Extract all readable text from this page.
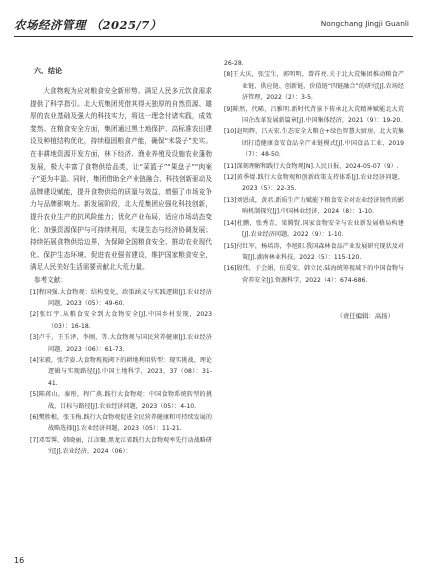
农场经济管理 （2025/7）	Nongchang Jingji Guanli
六、结论

大食物观为应对粮食安全新形势、满足人民多元饮食需求提供了科学指引。北大荒集团凭借其得天独厚的自然资源、雄厚的农业基础及强大的科技实力，将这一理念付诸实践，成效斐然。在粮食安全方面，集团通过黑土地保护、高标准农田建设及种植结构优化，持续稳固粮食产能，确保“米袋子”充实。在非耕地资源开发方面，林下经济、渔业养殖及设施农业蓬勃发展，极大丰富了食物供给品类，让“菜篮子”“果盘子”“肉案子”更为丰盈。同时，集团借助全产业链融合、科技创新驱动及品牌建设赋能，提升食物供给的质量与效益，增强了市场竞争力与品牌影响力。新发展阶段，北大荒集团应强化科技创新，提升农业生产的抗风险能力；优化产业布局，适应市场动态变化；加强资源保护与可持续利用，实现生态与经济协调发展；持续拓展食物供给边界，为保障全国粮食安全、推动农业现代化、保护生态环境、促进农业强省建设，维护国家粮食安全，满足人民美好生活需要贡献北大荒力量。

参考文献：

[1]程国强.大食物观：结构变化、政策涵义与实践逻辑[J].农业经济问题，2023（05）：49-60.

[2]张红宇.从粮食安全到大食物安全[J].中国乡村发现，2023（03）：16-18.

[3]卢千，王玉泽，李刚，等.大食物观与国民营养健康[J].农业经济问题，2023（06）：61-73.

[4]宋毅，张学姿.大食物观视阈下的耕地利用转型：现实挑战、理论逻辑与实现路径[J].中国土地科学，2023，37（08）：31-41.

[5]陈蒋山，秦彤，程广燕.践行大食物观：中国食物系统转型的挑战、目标与路径[J].农业经济问题，2023（05）：4-10.

[6]樊胜根，张玉梅.践行大食物观促进全民营养健康和可持续发展的战略选择[J].农业经济问题，2023（05）：11-21.

[7]邓雪霁，韩晓丽，江彦聚.黑龙江省践行大食物观率先行动战略研究[J].农业经济，2024（06）：

26-28.

[8]王大庆，张宝生，郭明明，曾祥亮.关于北大荒集团推动粮食产业链、供应链、创新链、价值链“四链融合”的研究[J].农场经济管理，2022（2）：3-5.

[9]陈然，代晞，吕雅明.新时代背景下传承北大荒精神赋能北大荒国企改革发展新篇章[J].中国集体经济，2021（9）：19-20.

[10]赵明辉，吕天宏.生态安全大粮仓+绿色智慧大厨房，北大荒集团打造健康食安食品全产业链模式[J].中国食品工业，2019（7）：48-50.

[11]深刻理解和践行大食物观[N].人民日报，2024-05-07（9）.

[12]黄季焜.践行大食物观和创新政策支持体系[J].农业经济问题，2023（5）：22-35.

[13]刘恩成，黄君.新质生产力赋能下粮食安全对农业经济韧性的影响机制探究[J].中国林业经济，2024（8）：1-10.

[14]杜鹏，张秀青，梁腾賢.国家食物安全与农业新发展格局构建[J].农业经济问题，2022（9）：1-10.

[15]付红军，杨培涛，李旭阳.我国森林食品产业发展研究现状及对策[J].湖南林业科技，2022（5）：115-120.

[16]殷伟，于会娟，伍爱安，韩立民.陆海统筹视域下的中国食物与营养安全[J].资源科学，2022（4）：674-686.

（责任编辑：高扬）
16
